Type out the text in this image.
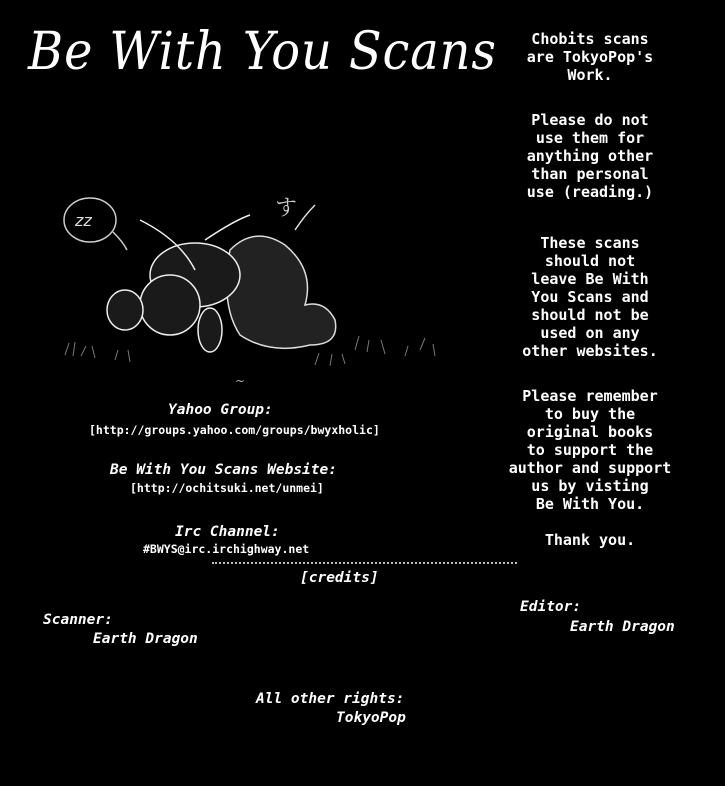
Be With You Scans
zz	す
~
Chobits scans
are TokyoPop's
Work.
Please do not
use them for
anything other
than personal
use (reading.)
These scans
should not
leave Be With
You Scans and
should not be
used on any
other websites.
Please remember
to buy the
original books
to support the
author and support
us by visting
Be With You.
Thank you.
Yahoo Group:
[http://groups.yahoo.com/groups/bwyxholic]
Be With You Scans Website:
[http://ochitsuki.net/unmei]
Irc Channel:
#BWYS@irc.irchighway.net
[credits]
Scanner:
Earth Dragon
Editor:
Earth Dragon
All other rights:
TokyoPop
